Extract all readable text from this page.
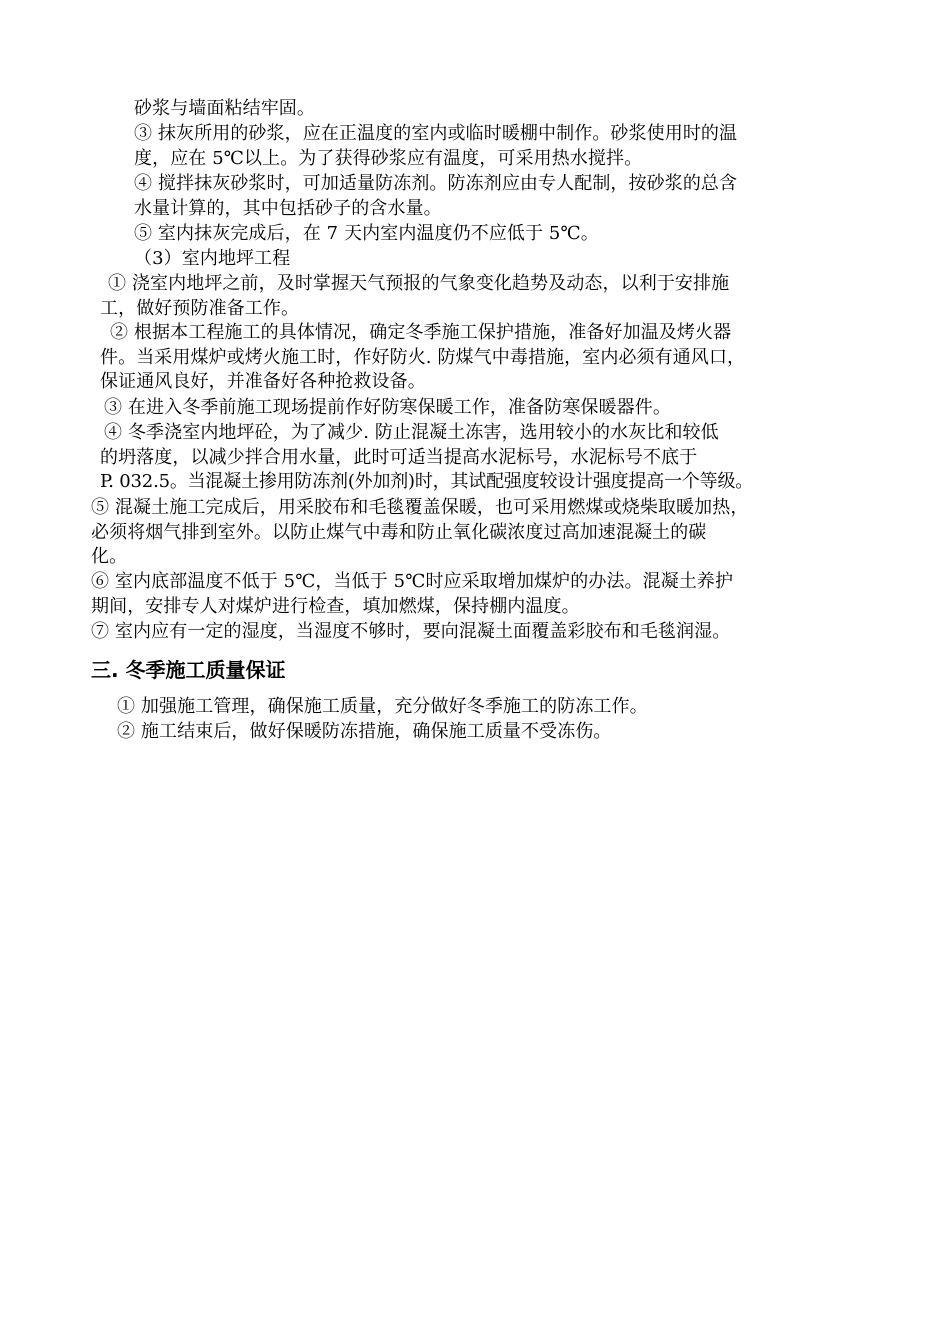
砂浆与墙面粘结牢固。
③ 抹灰所用的砂浆，应在正温度的室内或临时暖棚中制作。砂浆使用时的温
度，应在 5℃以上。为了获得砂浆应有温度，可采用热水搅拌。
④ 搅拌抹灰砂浆时，可加适量防冻剂。防冻剂应由专人配制，按砂浆的总含
水量计算的，其中包括砂子的含水量。
⑤ 室内抹灰完成后，在 7 天内室内温度仍不应低于 5℃。
（3）室内地坪工程
① 浇室内地坪之前，及时掌握天气预报的气象变化趋势及动态，以利于安排施
工，做好预防准备工作。
② 根据本工程施工的具体情况，确定冬季施工保护措施，准备好加温及烤火器
件。当采用煤炉或烤火施工时，作好防火. 防煤气中毒措施，室内必须有通风口，
保证通风良好，并准备好各种抢救设备。
③ 在进入冬季前施工现场提前作好防寒保暖工作，准备防寒保暖器件。
④ 冬季浇室内地坪砼，为了减少. 防止混凝土冻害，选用较小的水灰比和较低
的坍落度，以减少拌合用水量，此时可适当提高水泥标号，水泥标号不底于
P. 032.5。当混凝土掺用防冻剂(外加剂)时，其试配强度较设计强度提高一个等级。
⑤ 混凝土施工完成后，用采胶布和毛毯覆盖保暖，也可采用燃煤或烧柴取暖加热，
必须将烟气排到室外。以防止煤气中毒和防止氧化碳浓度过高加速混凝土的碳
化。
⑥ 室内底部温度不低于 5℃，当低于 5℃时应采取增加煤炉的办法。混凝土养护
期间，安排专人对煤炉进行检查，填加燃煤，保持棚内温度。
⑦ 室内应有一定的湿度，当湿度不够时，要向混凝土面覆盖彩胶布和毛毯润湿。
三. 冬季施工质量保证
① 加强施工管理，确保施工质量，充分做好冬季施工的防冻工作。
② 施工结束后，做好保暖防冻措施，确保施工质量不受冻伤。
